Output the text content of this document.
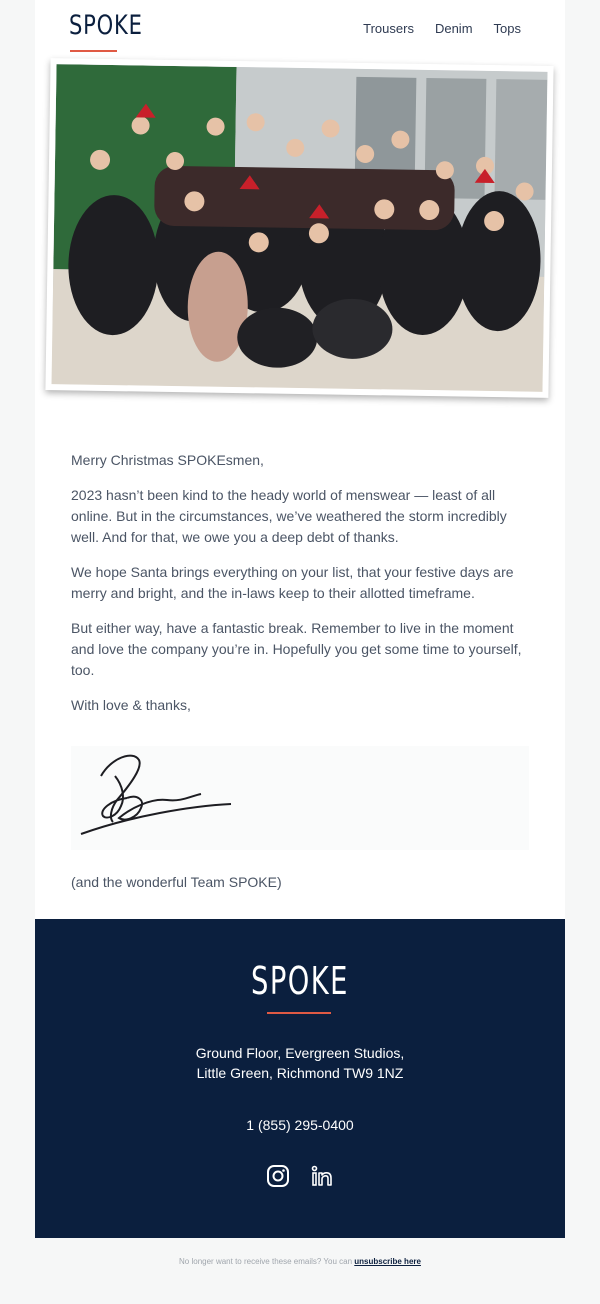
SPOKE	Trousers Denim Tops

Merry Christmas SPOKEsmen,

2023 hasn’t been kind to the heady world of menswear — least of all online. But in the circumstances, we’ve weathered the storm incredibly well. And for that, we owe you a deep debt of thanks.

We hope Santa brings everything on your list, that your festive days are merry and bright, and the in-laws keep to their allotted timeframe.

But either way, have a fantastic break. Remember to live in the moment and love the company you’re in. Hopefully you get some time to yourself, too.

With love & thanks,

(and the wonderful Team SPOKE)
SPOKE
Ground Floor, Evergreen Studios,
Little Green, Richmond TW9 1NZ
1 (855) 295-0400
No longer want to receive these emails? You can unsubscribe here
